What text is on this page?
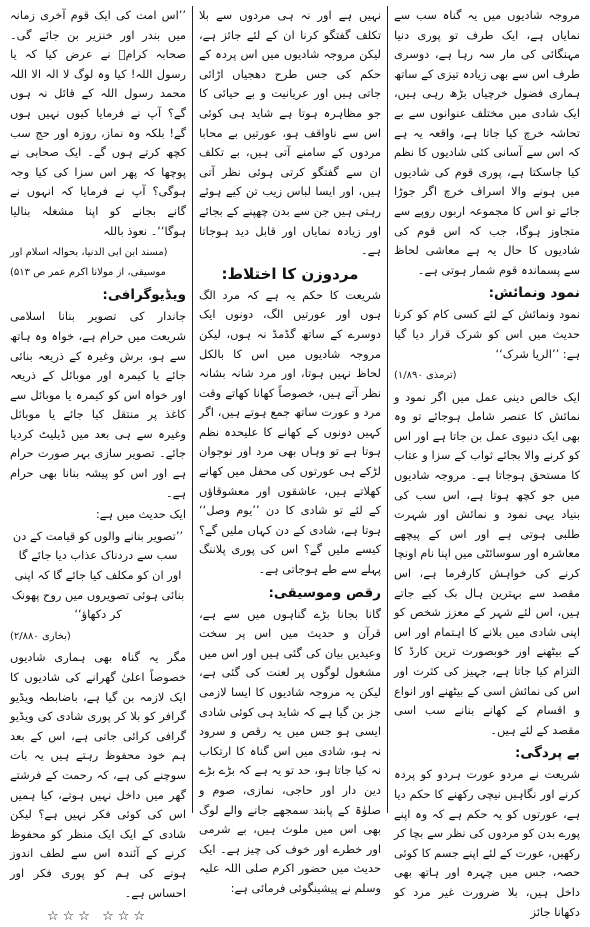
مروجہ شادیوں میں یہ گناہ سب سے نمایاں ہے، ایک طرف تو پوری دنیا مہنگائی کی مار سہ رہا ہے، دوسری طرف اس سے بھی زیادہ تیزی کے ساتھ ہماری فضول خرچیاں بڑھ رہی ہیں، ایک شادی میں مختلف عنوانوں سے بے تحاشہ خرچ کیا جاتا ہے، واقعہ یہ ہے کہ اس سے آسانی کئی شادیوں کا نظم کیا جاسکتا ہے، پوری قوم کی شادیوں میں ہونے والا اسراف خرچ اگر جوڑا جائے تو اس کا مجموعہ اربوں روپے سے متجاوز ہوگا، جب کہ اس قوم کی شادیوں کا حال یہ ہے معاشی لحاظ سے پسماندہ قوم شمار ہوتی ہے۔

نمود ونمائش:

نمود ونمائش کے لئے کسی کام کو کرنا حدیث میں اس کو شرک قرار دیا گیا ہے: ’’الریا شرک‘‘

(ترمذی ۱/۸۹۰)

ایک خالص دینی عمل میں اگر نمود و نمائش کا عنصر شامل ہوجائے تو وہ بھی ایک دنیوی عمل بن جاتا ہے اور اس کو کرنے والا بجائے ثواب کے سزا و عتاب کا مستحق ہوجاتا ہے۔ مروجہ شادیوں میں جو کچھ ہوتا ہے، اس سب کی بنیاد یہی نمود و نمائش اور شہرت طلبی ہوتی ہے اور اس کے پیچھے معاشرہ اور سوسائٹی میں اپنا نام اونچا کرنے کی خواہش کارفرما ہے، اس مقصد سے بہترین ہال بک کیے جاتے ہیں، اس لئے شہر کے معزز شخص کو اپنی شادی میں بلانے کا اہتمام اور اس کے بیٹھنے اور خوبصورت ترین کارڈ کا التزام کیا جاتا ہے، جہیز کی کثرت اور اس کی نمائش اسی کے بیٹھنے اور انواع و اقسام کے کھانے بنانے سب اسی مقصد کے لئے ہیں۔

بے پردگی:

شریعت نے مردو عورت ہردو کو پردہ کرنے اور نگاہیں نیچی رکھنے کا حکم دیا ہے، عورتوں کو یہ حکم ہے کہ وہ اپنے پورے بدن کو مردوں کی نظر سے بچا کر رکھیں، عورت کے لئے اپنے جسم کا کوئی حصہ، جس میں چہرہ اور ہاتھ بھی داخل ہیں، بلا ضرورت غیر مرد کو دکھانا جائز

نہیں ہے اور نہ ہی مردوں سے بلا تکلف گفتگو کرنا ان کے لئے جائز ہے، لیکن مروجہ شادیوں میں اس پردہ کے حکم کی جس طرح دھجیاں اڑائی جاتی ہیں اور عریانیت و بے حیائی کا جو مظاہرہ ہوتا ہے شاید ہی کوئی اس سے ناواقف ہو، عورتیں بے محابا مردوں کے سامنے آتی ہیں، بے تکلف ان سے گفتگو کرتی ہوئی نظر آتی ہیں، اور ایسا لباس زیب تن کیے ہوئے رہتی ہیں جن سے بدن چھپنے کے بجائے اور زیادہ نمایاں اور قابل دید ہوجاتا ہے۔

مردوزن کا اختلاط:

شریعت کا حکم یہ ہے کہ مرد الگ ہوں اور عورتیں الگ، دونوں ایک دوسرے کے ساتھ گڈمڈ نہ ہوں، لیکن مروجہ شادیوں میں اس کا بالکل لحاظ نہیں ہوتا، اور مرد شانہ بشانہ نظر آتے ہیں، خصوصاً کھانا کھاتے وقت مرد و عورت ساتھ جمع ہوتے ہیں، اگر کہیں دونوں کے کھانے کا علیحدہ نظم ہوتا ہے تو وہاں بھی مرد اور نوجوان لڑکے ہی عورتوں کی محفل میں کھانے کھلاتے ہیں، عاشقوں اور معشوقاؤں کے لئے تو شادی کا دن ’’یوم وصل‘‘ ہوتا ہے، شادی کے دن کہاں ملیں گے؟ کیسے ملیں گے؟ اس کی پوری پلاننگ پہلے سے طے ہوجاتی ہے۔

رقص وموسیقی:

گانا بجانا بڑے گناہوں میں سے ہے، قرآن و حدیث میں اس پر سخت وعیدیں بیان کی گئی ہیں اور اس میں مشغول لوگوں پر لعنت کی گئی ہے، لیکن یہ مروجہ شادیوں کا ایسا لازمی جز بن گیا ہے کہ شاید ہی کوئی شادی ایسی ہو جس میں یہ رقص و سرود نہ ہو، شادی میں اس گناہ کا ارتکاب نہ کیا جاتا ہو، حد تو یہ ہے کہ بڑے بڑے دین دار اور حاجی، نمازی، صوم و صلوٰۃ کے پابند سمجھے جانے والے لوگ بھی اس میں ملوث ہیں، بے شرمی اور خطرے اور خوف کی چیز ہے۔ ایک حدیث میں حضور اکرم صلی اللہ علیہ وسلم نے پیشینگوئی فرمائی ہے:

’’اس امت کی ایک قوم آخری زمانہ میں بندر اور خنزیر بن جائے گی۔ صحابہ کرامؓ نے عرض کیا کہ یا رسول اللہ! کیا وہ لوگ لا الہ الا اللہ محمد رسول اللہ کے قائل نہ ہوں گے؟ آپ نے فرمایا کیوں نہیں ہوں گے! بلکہ وہ نماز، روزہ اور حج سب کچھ کرتے ہوں گے۔ ایک صحابی نے پوچھا کہ پھر اس سزا کی کیا وجہ ہوگی؟ آپ نے فرمایا کہ انہوں نے گانے بجانے کو اپنا مشغلہ بنالیا ہوگا‘‘۔ نعوذ باللہ

(مسند ابن ابی الدنیا، بحوالہ اسلام اور موسیقی، از مولانا اکرم عمر ص ۵۱۳)

ویڈیوگرافی:

جاندار کی تصویر بنانا اسلامی شریعت میں حرام ہے، خواہ وہ ہاتھ سے ہو، برش وغیرہ کے ذریعہ بنائی جائے یا کیمرہ اور موبائل کے ذریعہ اور خواہ اس کو کیمرہ یا موبائل سے کاغذ پر منتقل کیا جائے یا موبائل وغیرہ سے ہی بعد میں ڈیلیٹ کردیا جائے۔ تصویر سازی بہر صورت حرام ہے اور اس کو پیشہ بنانا بھی حرام ہے۔

ایک حدیث میں ہے:

’’تصویر بنانے والوں کو قیامت کے دن سب سے دردناک عذاب دیا جائے گا اور ان کو مکلف کیا جائے گا کہ اپنی بنائی ہوئی تصویروں میں روح پھونک کر دکھاؤ‘‘

(بخاری ۲/۸۸۰)

مگر یہ گناہ بھی ہماری شادیوں خصوصاً اعلیٰ گھرانے کی شادیوں کا ایک لازمہ بن گیا ہے، باضابطہ ویڈیو گرافر کو بلا کر پوری شادی کی ویڈیو گرافی کرائی جاتی ہے، اس کے بعد ہم خود محفوظ رہتے ہیں یہ بات سوچنے کی ہے، کہ رحمت کے فرشتے گھر میں داخل نہیں ہوتے، کیا ہمیں اس کی کوئی فکر نہیں ہے؟ لیکن شادی کے ایک ایک منظر کو محفوظ کرنے کے آئندہ اس سے لطف اندوز ہونے کی ہم کو پوری فکر اور احساس ہے۔

☆☆☆ ☆☆☆
